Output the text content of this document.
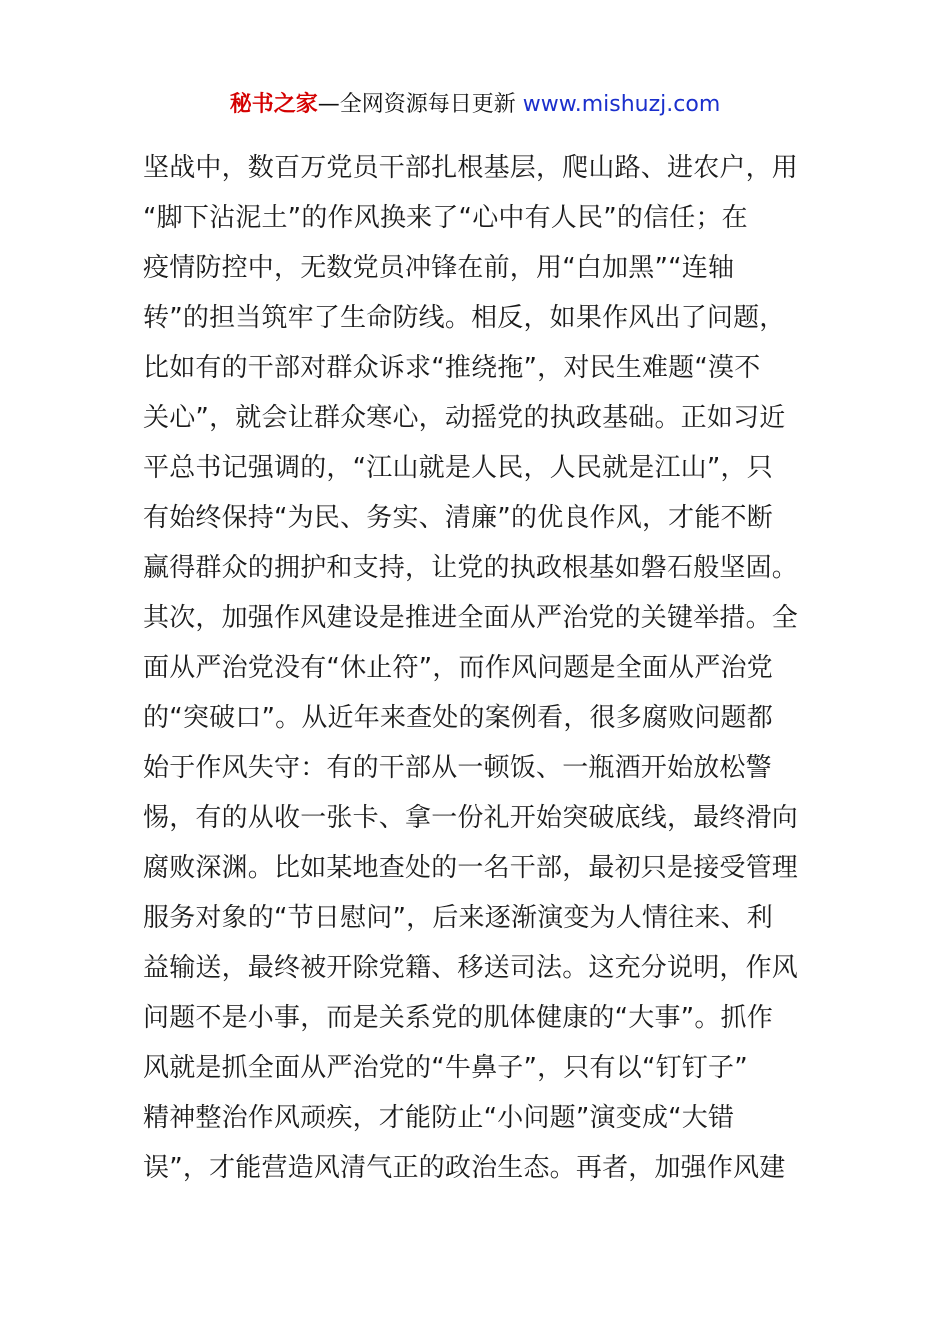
秘书之家—全网资源每日更新 www.mishuzj.com
坚战中，数百万党员干部扎根基层，爬山路、进农户，用
“脚下沾泥土”的作风换来了“心中有人民”的信任；在
疫情防控中，无数党员冲锋在前，用“白加黑”“连轴
转”的担当筑牢了生命防线。相反，如果作风出了问题，
比如有的干部对群众诉求“推绕拖”，对民生难题“漠不
关心”，就会让群众寒心，动摇党的执政基础。正如习近
平总书记强调的，“江山就是人民，人民就是江山”，只
有始终保持“为民、务实、清廉”的优良作风，才能不断
赢得群众的拥护和支持，让党的执政根基如磐石般坚固。
其次，加强作风建设是推进全面从严治党的关键举措。全
面从严治党没有“休止符”，而作风问题是全面从严治党
的“突破口”。从近年来查处的案例看，很多腐败问题都
始于作风失守：有的干部从一顿饭、一瓶酒开始放松警
惕，有的从收一张卡、拿一份礼开始突破底线，最终滑向
腐败深渊。比如某地查处的一名干部，最初只是接受管理
服务对象的“节日慰问”，后来逐渐演变为人情往来、利
益输送，最终被开除党籍、移送司法。这充分说明，作风
问题不是小事，而是关系党的肌体健康的“大事”。抓作
风就是抓全面从严治党的“牛鼻子”，只有以“钉钉子”
精神整治作风顽疾，才能防止“小问题”演变成“大错
误”，才能营造风清气正的政治生态。再者，加强作风建
